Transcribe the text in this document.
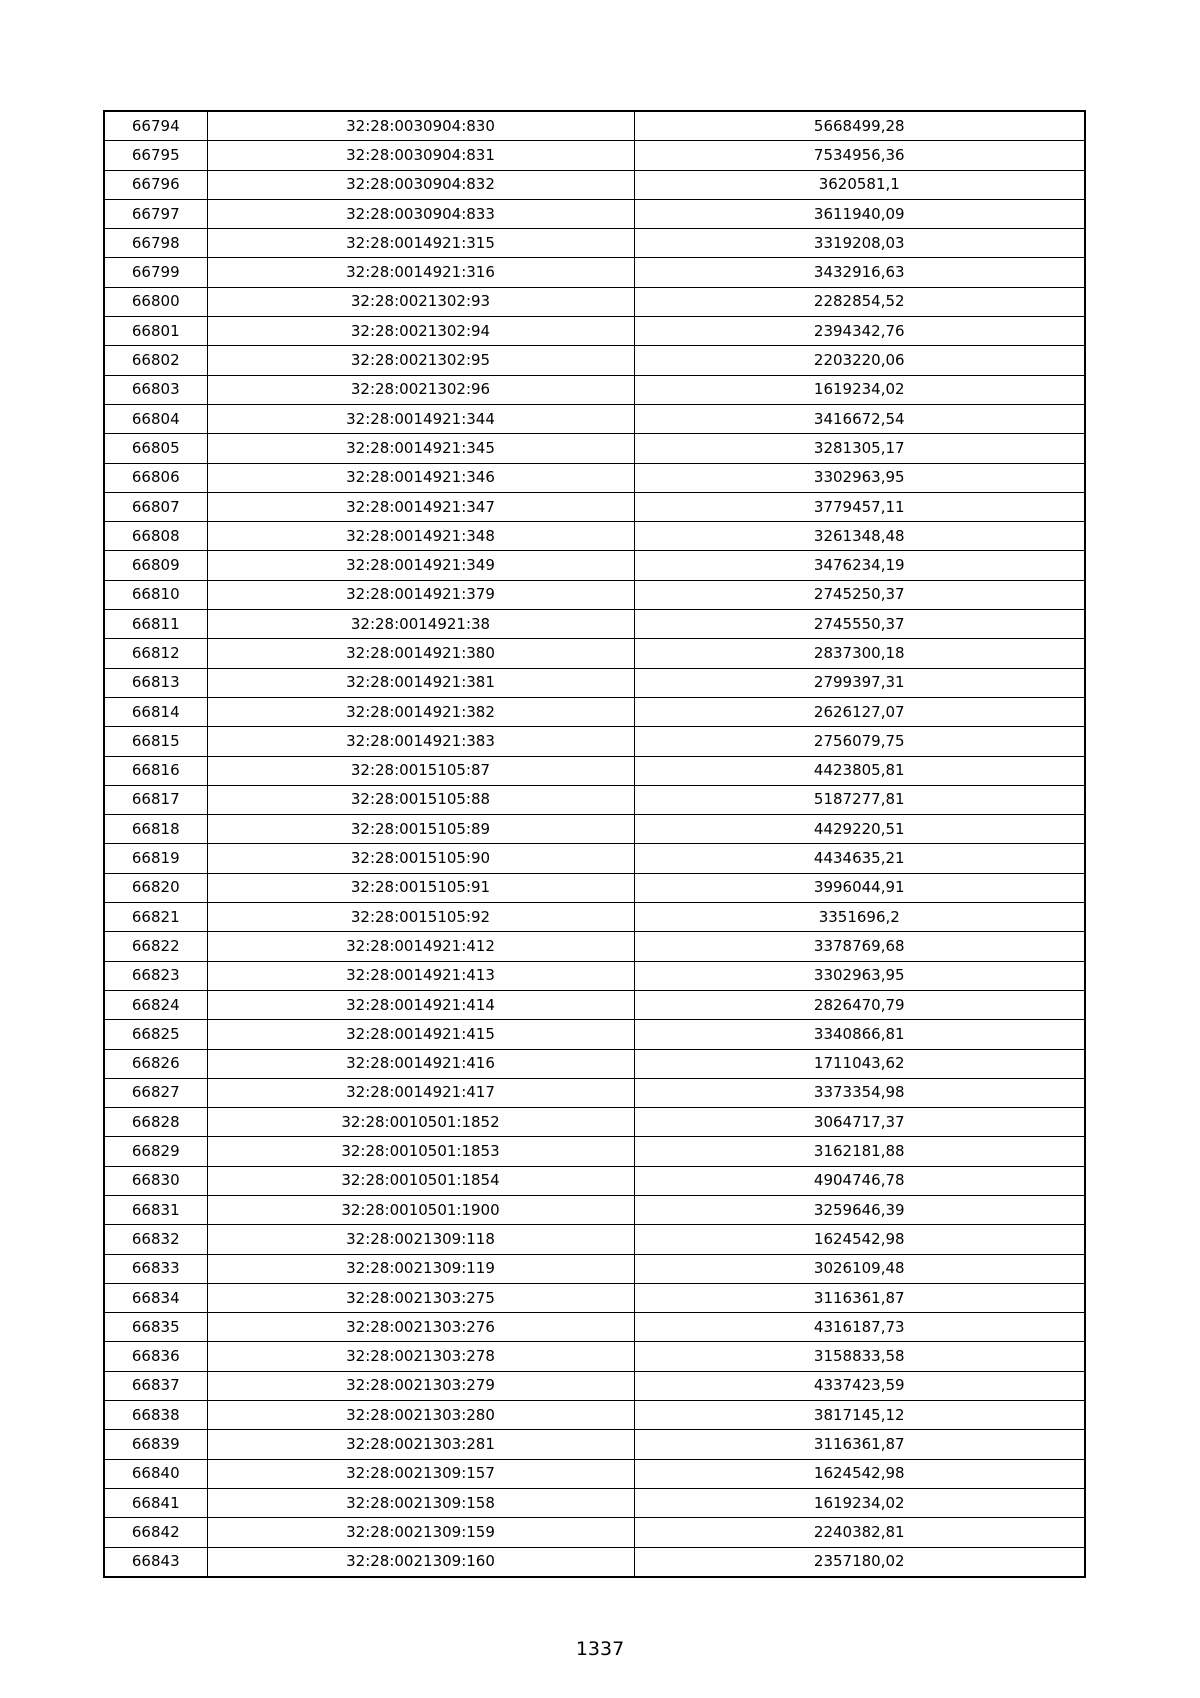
66794	32:28:0030904:830	5668499,28
66795	32:28:0030904:831	7534956,36
66796	32:28:0030904:832	3620581,1
66797	32:28:0030904:833	3611940,09
66798	32:28:0014921:315	3319208,03
66799	32:28:0014921:316	3432916,63
66800	32:28:0021302:93	2282854,52
66801	32:28:0021302:94	2394342,76
66802	32:28:0021302:95	2203220,06
66803	32:28:0021302:96	1619234,02
66804	32:28:0014921:344	3416672,54
66805	32:28:0014921:345	3281305,17
66806	32:28:0014921:346	3302963,95
66807	32:28:0014921:347	3779457,11
66808	32:28:0014921:348	3261348,48
66809	32:28:0014921:349	3476234,19
66810	32:28:0014921:379	2745250,37
66811	32:28:0014921:38	2745550,37
66812	32:28:0014921:380	2837300,18
66813	32:28:0014921:381	2799397,31
66814	32:28:0014921:382	2626127,07
66815	32:28:0014921:383	2756079,75
66816	32:28:0015105:87	4423805,81
66817	32:28:0015105:88	5187277,81
66818	32:28:0015105:89	4429220,51
66819	32:28:0015105:90	4434635,21
66820	32:28:0015105:91	3996044,91
66821	32:28:0015105:92	3351696,2
66822	32:28:0014921:412	3378769,68
66823	32:28:0014921:413	3302963,95
66824	32:28:0014921:414	2826470,79
66825	32:28:0014921:415	3340866,81
66826	32:28:0014921:416	1711043,62
66827	32:28:0014921:417	3373354,98
66828	32:28:0010501:1852	3064717,37
66829	32:28:0010501:1853	3162181,88
66830	32:28:0010501:1854	4904746,78
66831	32:28:0010501:1900	3259646,39
66832	32:28:0021309:118	1624542,98
66833	32:28:0021309:119	3026109,48
66834	32:28:0021303:275	3116361,87
66835	32:28:0021303:276	4316187,73
66836	32:28:0021303:278	3158833,58
66837	32:28:0021303:279	4337423,59
66838	32:28:0021303:280	3817145,12
66839	32:28:0021303:281	3116361,87
66840	32:28:0021309:157	1624542,98
66841	32:28:0021309:158	1619234,02
66842	32:28:0021309:159	2240382,81
66843	32:28:0021309:160	2357180,02
1337
